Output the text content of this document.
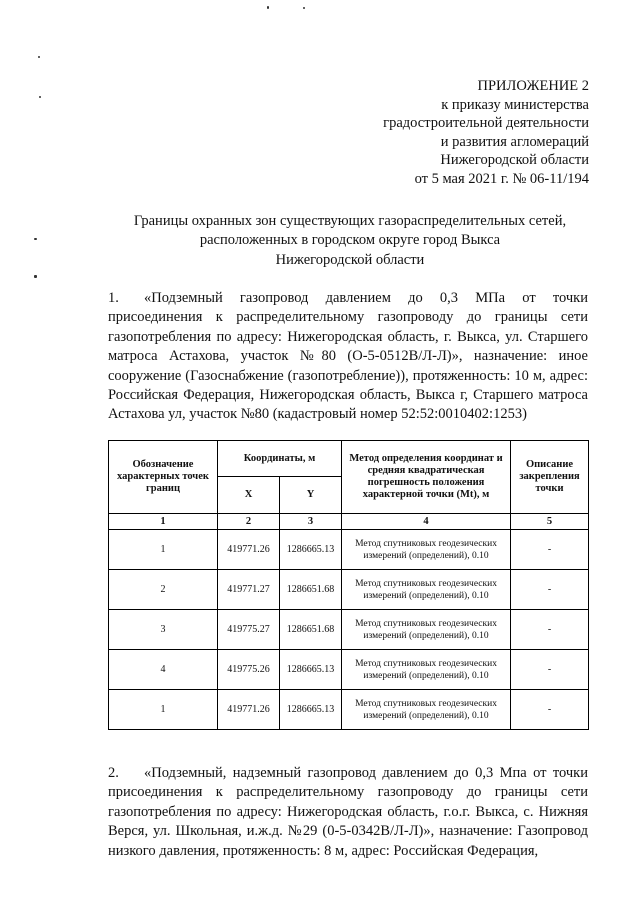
ПРИЛОЖЕНИЕ 2
к приказу министерства
градостроительной деятельности
и развития агломераций
Нижегородской области
от 5 мая 2021 г. № 06-11/194
Границы охранных зон существующих газораспределительных сетей,
расположенных в городском округе город Выкса
Нижегородской области
1. «Подземный газопровод давлением до 0,3 МПа от точки присоединения к распределительному газопроводу до границы сети газопотребления по адресу: Нижегородская область, г. Выкса, ул. Старшего матроса Астахова, участок №80 (О-5-0512В/Л-Л)», назначение: иное сооружение (Газоснабжение (газопотребление)), протяженность: 10 м, адрес: Российская Федерация, Нижегородская область, Выкса г, Старшего матроса Астахова ул, участок №80 (кадастровый номер 52:52:0010402:1253)
Обозначение характерных точек границ	Координаты, м		Метод определения координат и средняя квадратическая погрешность положения характерной точки (Mt), м	Описание закрепления точки
	X	Y		
1	2	3	4	5
1	419771.26	1286665.13	Метод спутниковых геодезических измерений (определений), 0.10	-
2	419771.27	1286651.68	Метод спутниковых геодезических измерений (определений), 0.10	-
3	419775.27	1286651.68	Метод спутниковых геодезических измерений (определений), 0.10	-
4	419775.26	1286665.13	Метод спутниковых геодезических измерений (определений), 0.10	-
1	419771.26	1286665.13	Метод спутниковых геодезических измерений (определений), 0.10	-
2. «Подземный, надземный газопровод давлением до 0,3 Мпа от точки присоединения к распределительному газопроводу до границы сети газопотребления по адресу: Нижегородская область, г.о.г. Выкса, с. Нижняя Верся, ул. Школьная, и.ж.д. №29 (0-5-0342В/Л-Л)», назначение: Газопровод низкого давления, протяженность: 8 м, адрес: Российская Федерация,
